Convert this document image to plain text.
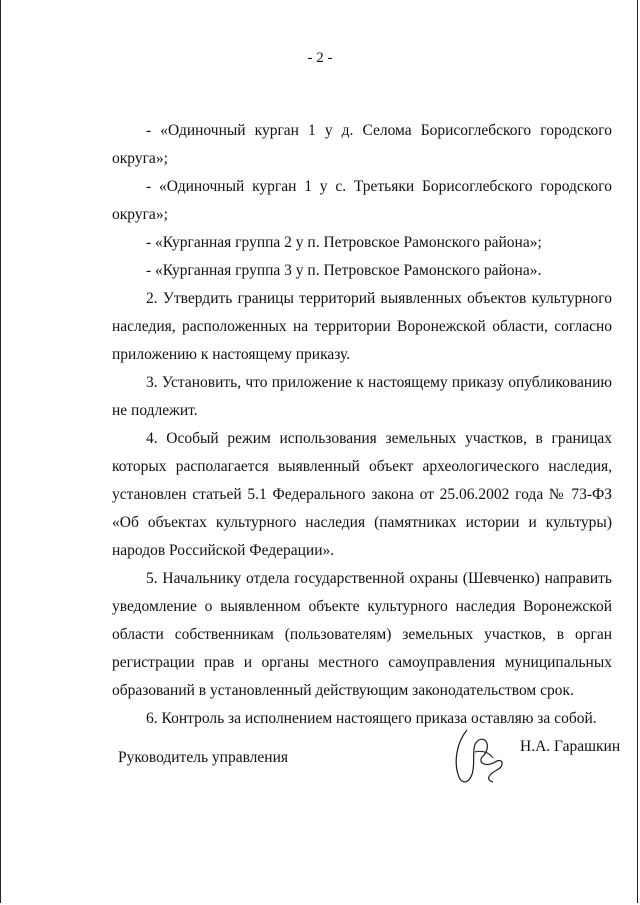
- 2 -

- «Одиночный курган 1 у д. Селома Борисоглебского городского округа»;

- «Одиночный курган 1 у с. Третьяки Борисоглебского городского округа»;

- «Курганная группа 2 у п. Петровское Рамонского района»;

- «Курганная группа 3 у п. Петровское Рамонского района».

2. Утвердить границы территорий выявленных объектов культурного наследия, расположенных на территории Воронежской области, согласно приложению к настоящему приказу.

3. Установить, что приложение к настоящему приказу опубликованию не подлежит.

4. Особый режим использования земельных участков, в границах которых располагается выявленный объект археологического наследия, установлен статьей 5.1 Федерального закона от 25.06.2002 года № 73-ФЗ «Об объектах культурного наследия (памятниках истории и культуры) народов Российской Федерации».

5. Начальнику отдела государственной охраны (Шевченко) направить уведомление о выявленном объекте культурного наследия Воронежской области собственникам (пользователям) земельных участков, в орган регистрации прав и органы местного самоуправления муниципальных образований в установленный действующим законодательством срок.

6. Контроль за исполнением настоящего приказа оставляю за собой.

Руководитель управления
Н.А. Гарашкин
